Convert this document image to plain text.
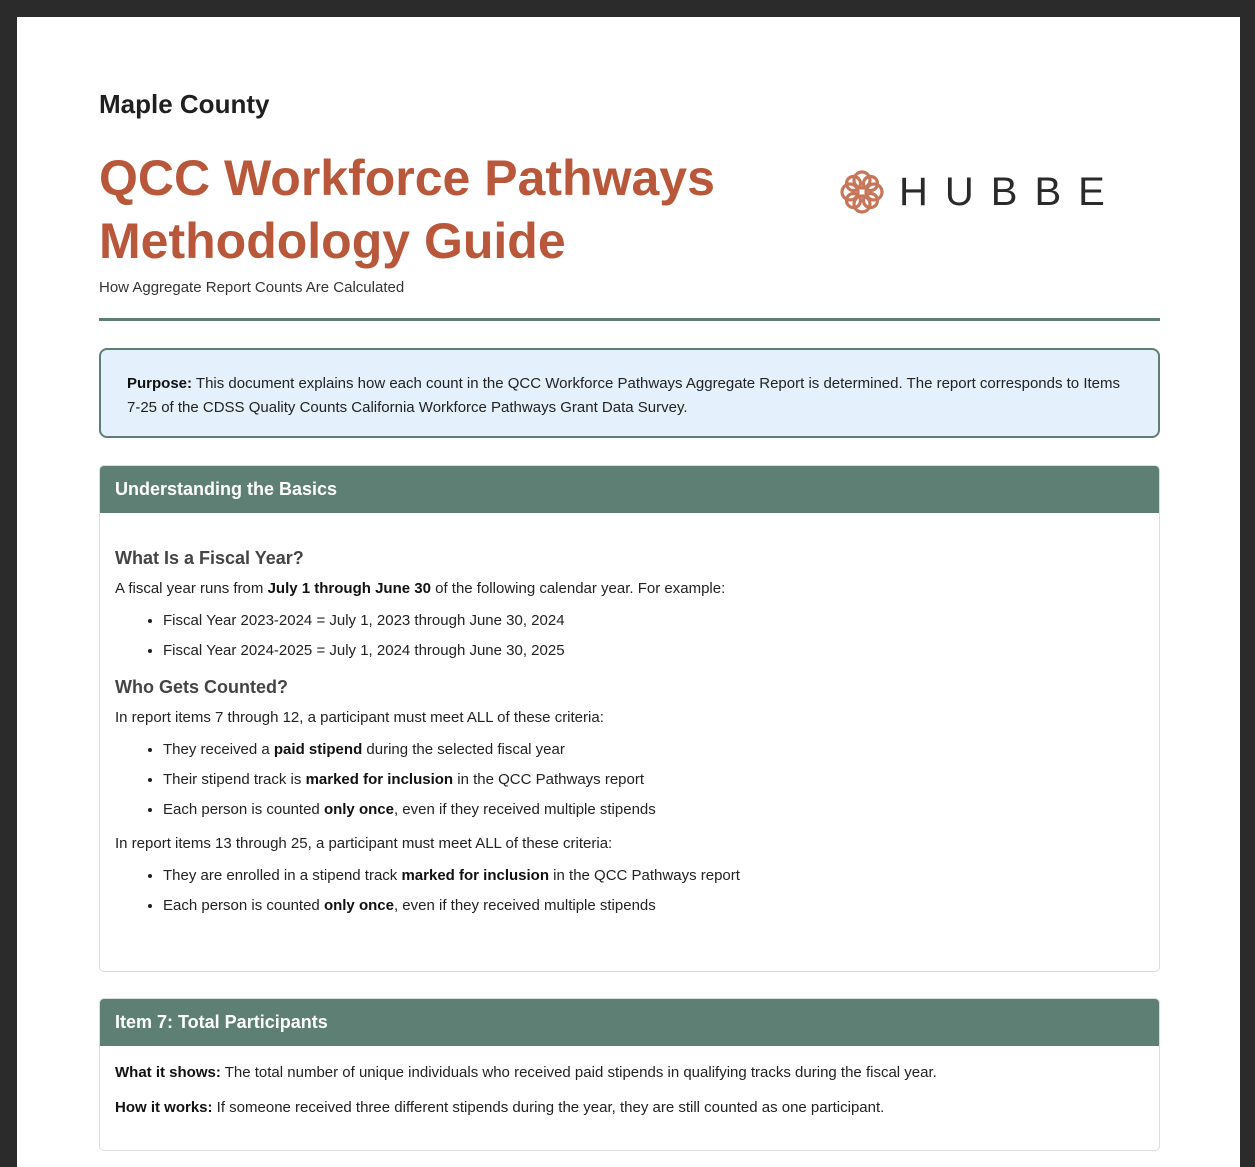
Maple County
QCC Workforce Pathways Methodology Guide
How Aggregate Report Counts Are Calculated
HUBBE
Purpose: This document explains how each count in the QCC Workforce Pathways Aggregate Report is determined. The report corresponds to Items 7-25 of the CDSS Quality Counts California Workforce Pathways Grant Data Survey.
Understanding the Basics
What Is a Fiscal Year?

A fiscal year runs from July 1 through June 30 of the following calendar year. For example:

• Fiscal Year 2023-2024 = July 1, 2023 through June 30, 2024
• Fiscal Year 2024-2025 = July 1, 2024 through June 30, 2025
Who Gets Counted?

In report items 7 through 12, a participant must meet ALL of these criteria:

• They received a paid stipend during the selected fiscal year
• Their stipend track is marked for inclusion in the QCC Pathways report
• Each person is counted only once, even if they received multiple stipends

In report items 13 through 25, a participant must meet ALL of these criteria:

• They are enrolled in a stipend track marked for inclusion in the QCC Pathways report
• Each person is counted only once, even if they received multiple stipends
Item 7: Total Participants

What it shows: The total number of unique individuals who received paid stipends in qualifying tracks during the fiscal year.

How it works: If someone received three different stipends during the year, they are still counted as one participant.
